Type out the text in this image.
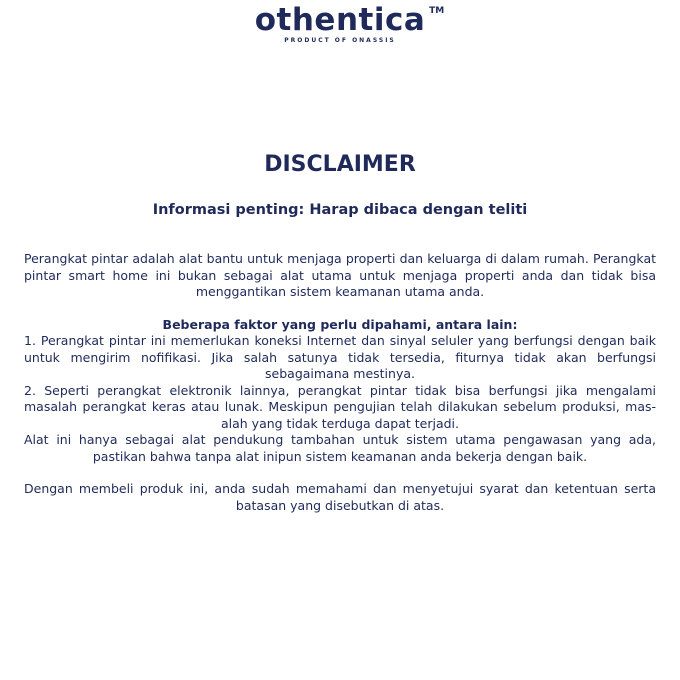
othentica TM
PRODUCT OF ONASSIS
DISCLAIMER
Informasi penting: Harap dibaca dengan teliti

Perangkat pintar adalah alat bantu untuk menjaga properti dan keluarga di dalam rumah. Perangkat pintar smart home ini bukan sebagai alat utama untuk menjaga properti anda dan tidak bisa menggantikan sistem keamanan utama anda.

Beberapa faktor yang perlu dipahami, antara lain:

1. Perangkat pintar ini memerlukan koneksi Internet dan sinyal seluler yang berfungsi dengan baik untuk mengirim nofifikasi. Jika salah satunya tidak tersedia, fiturnya tidak akan berfungsi sebagaimana mestinya.

2. Seperti perangkat elektronik lainnya, perangkat pintar tidak bisa berfungsi jika mengalami masalah perangkat keras atau lunak. Meskipun pengujian telah dilakukan sebelum produksi, mas-alah yang tidak terduga dapat terjadi.

Alat ini hanya sebagai alat pendukung tambahan untuk sistem utama pengawasan yang ada, pastikan bahwa tanpa alat inipun sistem keamanan anda bekerja dengan baik.

Dengan membeli produk ini, anda sudah memahami dan menyetujui syarat dan ketentuan serta batasan yang disebutkan di atas.
